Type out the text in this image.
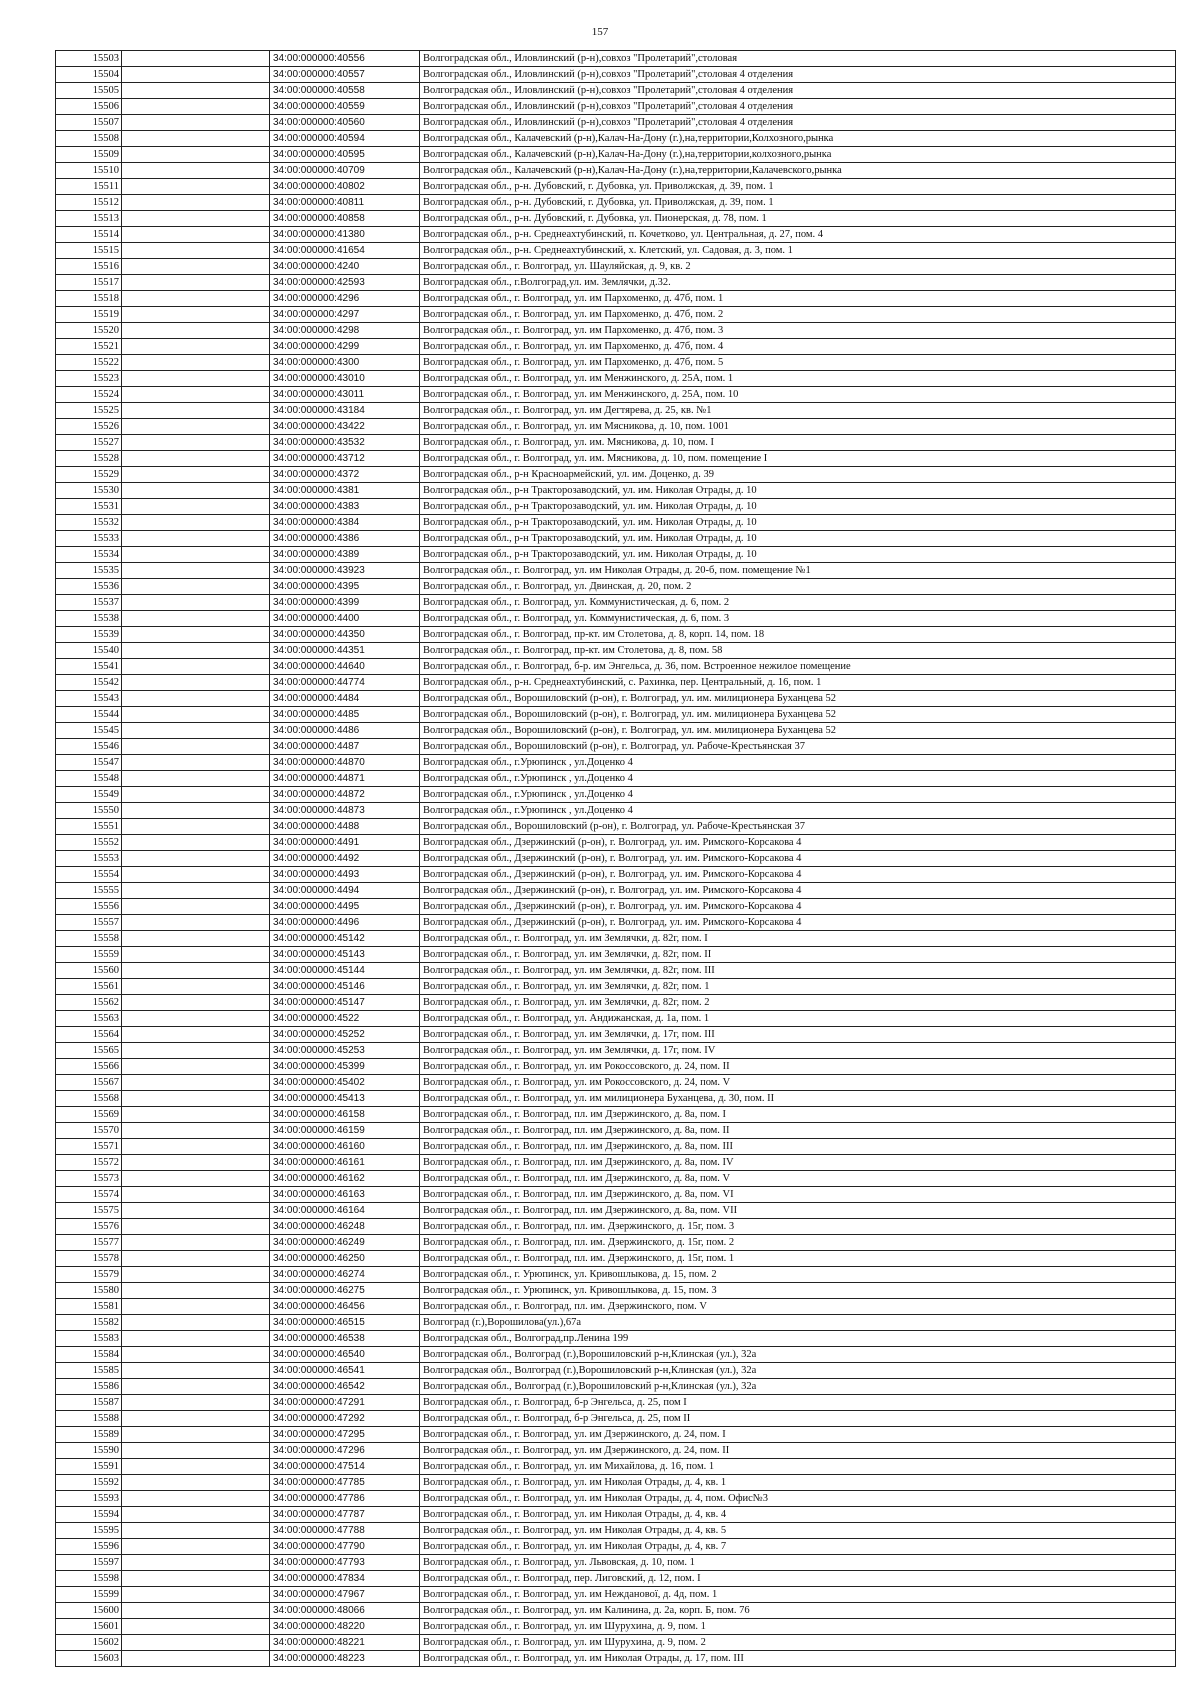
157
15503		34:00:000000:40556	Волгоградская обл., Иловлинский (р-н),совхоз "Пролетарий",столовая
15504		34:00:000000:40557	Волгоградская обл., Иловлинский (р-н),совхоз "Пролетарий",столовая 4 отделения
15505		34:00:000000:40558	Волгоградская обл., Иловлинский (р-н),совхоз "Пролетарий",столовая 4 отделения
15506		34:00:000000:40559	Волгоградская обл., Иловлинский (р-н),совхоз "Пролетарий",столовая 4 отделения
15507		34:00:000000:40560	Волгоградская обл., Иловлинский (р-н),совхоз "Пролетарий",столовая 4 отделения
15508		34:00:000000:40594	Волгоградская обл., Калачевский (р-н),Калач-На-Дону (г.),на,территории,Колхозного,рынка
15509		34:00:000000:40595	Волгоградская обл., Калачевский (р-н),Калач-На-Дону (г.),на,территории,колхозного,рынка
15510		34:00:000000:40709	Волгоградская обл., Калачевский (р-н),Калач-На-Дону (г.),на,территории,Калачевского,рынка
15511		34:00:000000:40802	Волгоградская обл., р-н. Дубовский, г. Дубовка, ул. Приволжская, д. 39, пом. 1
15512		34:00:000000:40811	Волгоградская обл., р-н. Дубовский, г. Дубовка, ул. Приволжская, д. 39, пом. 1
15513		34:00:000000:40858	Волгоградская обл., р-н. Дубовский, г. Дубовка, ул. Пионерская, д. 78, пом. 1
15514		34:00:000000:41380	Волгоградская обл., р-н. Среднеахтубинский, п. Кочетково, ул. Центральная, д. 27, пом. 4
15515		34:00:000000:41654	Волгоградская обл., р-н. Среднеахтубинский, х. Клетский, ул. Садовая, д. 3, пом. 1
15516		34:00:000000:4240	Волгоградская обл., г. Волгоград, ул. Шауляйская, д. 9, кв. 2
15517		34:00:000000:42593	Волгоградская обл., г.Волгоград,ул. им. Землячки, д.32.
15518		34:00:000000:4296	Волгоградская обл., г. Волгоград, ул. им Пархоменко, д. 47б, пом. 1
15519		34:00:000000:4297	Волгоградская обл., г. Волгоград, ул. им Пархоменко, д. 47б, пом. 2
15520		34:00:000000:4298	Волгоградская обл., г. Волгоград, ул. им Пархоменко, д. 47б, пом. 3
15521		34:00:000000:4299	Волгоградская обл., г. Волгоград, ул. им Пархоменко, д. 47б, пом. 4
15522		34:00:000000:4300	Волгоградская обл., г. Волгоград, ул. им Пархоменко, д. 47б, пом. 5
15523		34:00:000000:43010	Волгоградская обл., г. Волгоград, ул. им Менжинского, д. 25А, пом. 1
15524		34:00:000000:43011	Волгоградская обл., г. Волгоград, ул. им Менжинского, д. 25А, пом. 10
15525		34:00:000000:43184	Волгоградская обл., г. Волгоград, ул. им Дегтярева, д. 25, кв. №1
15526		34:00:000000:43422	Волгоградская обл., г. Волгоград, ул. им Мясникова, д. 10, пом. 1001
15527		34:00:000000:43532	Волгоградская обл., г. Волгоград, ул. им. Мясникова, д. 10, пом. I
15528		34:00:000000:43712	Волгоградская обл., г. Волгоград, ул. им. Мясникова, д. 10, пом. помещение I
15529		34:00:000000:4372	Волгоградская обл., р-н Красноармейский, ул. им. Доценко, д. 39
15530		34:00:000000:4381	Волгоградская обл., р-н Тракторозаводский, ул. им. Николая Отрады, д. 10
15531		34:00:000000:4383	Волгоградская обл., р-н Тракторозаводский, ул. им. Николая Отрады, д. 10
15532		34:00:000000:4384	Волгоградская обл., р-н Тракторозаводский, ул. им. Николая Отрады, д. 10
15533		34:00:000000:4386	Волгоградская обл., р-н Тракторозаводский, ул. им. Николая Отрады, д. 10
15534		34:00:000000:4389	Волгоградская обл., р-н Тракторозаводский, ул. им. Николая Отрады, д. 10
15535		34:00:000000:43923	Волгоградская обл., г. Волгоград, ул. им Николая Отрады, д. 20-б, пом. помещение №1
15536		34:00:000000:4395	Волгоградская обл., г. Волгоград, ул. Двинская, д. 20, пом. 2
15537		34:00:000000:4399	Волгоградская обл., г. Волгоград, ул. Коммунистическая, д. 6, пом. 2
15538		34:00:000000:4400	Волгоградская обл., г. Волгоград, ул. Коммунистическая, д. 6, пом. 3
15539		34:00:000000:44350	Волгоградская обл., г. Волгоград, пр-кт. им Столетова, д. 8, корп. 14, пом. 18
15540		34:00:000000:44351	Волгоградская обл., г. Волгоград, пр-кт. им Столетова, д. 8, пом. 58
15541		34:00:000000:44640	Волгоградская обл., г. Волгоград, б-р. им Энгельса, д. 36, пом. Встроенное нежилое помещение
15542		34:00:000000:44774	Волгоградская обл., р-н. Среднеахтубинский, с. Рахинка, пер. Центральный, д. 16, пом. 1
15543		34:00:000000:4484	Волгоградская обл., Ворошиловский (р-он), г. Волгоград, ул. им. милиционера Буханцева 52
15544		34:00:000000:4485	Волгоградская обл., Ворошиловский (р-он), г. Волгоград, ул. им. милиционера Буханцева 52
15545		34:00:000000:4486	Волгоградская обл., Ворошиловский (р-он), г. Волгоград, ул. им. милиционера Буханцева 52
15546		34:00:000000:4487	Волгоградская обл., Ворошиловский (р-он), г. Волгоград, ул. Рабоче-Крестьянская 37
15547		34:00:000000:44870	Волгоградская обл., г.Урюпинск , ул.Доценко 4
15548		34:00:000000:44871	Волгоградская обл., г.Урюпинск , ул.Доценко 4
15549		34:00:000000:44872	Волгоградская обл., г.Урюпинск , ул.Доценко 4
15550		34:00:000000:44873	Волгоградская обл., г.Урюпинск , ул.Доценко 4
15551		34:00:000000:4488	Волгоградская обл., Ворошиловский (р-он), г. Волгоград, ул. Рабоче-Крестьянская 37
15552		34:00:000000:4491	Волгоградская обл., Дзержинский (р-он), г. Волгоград, ул. им. Римского-Корсакова 4
15553		34:00:000000:4492	Волгоградская обл., Дзержинский (р-он), г. Волгоград, ул. им. Римского-Корсакова 4
15554		34:00:000000:4493	Волгоградская обл., Дзержинский (р-он), г. Волгоград, ул. им. Римского-Корсакова 4
15555		34:00:000000:4494	Волгоградская обл., Дзержинский (р-он), г. Волгоград, ул. им. Римского-Корсакова 4
15556		34:00:000000:4495	Волгоградская обл., Дзержинский (р-он), г. Волгоград, ул. им. Римского-Корсакова 4
15557		34:00:000000:4496	Волгоградская обл., Дзержинский (р-он), г. Волгоград, ул. им. Римского-Корсакова 4
15558		34:00:000000:45142	Волгоградская обл., г. Волгоград, ул. им Землячки, д. 82г, пом. I
15559		34:00:000000:45143	Волгоградская обл., г. Волгоград, ул. им Землячки, д. 82г, пом. II
15560		34:00:000000:45144	Волгоградская обл., г. Волгоград, ул. им Землячки, д. 82г, пом. III
15561		34:00:000000:45146	Волгоградская обл., г. Волгоград, ул. им Землячки, д. 82г, пом. 1
15562		34:00:000000:45147	Волгоградская обл., г. Волгоград, ул. им Землячки, д. 82г, пом. 2
15563		34:00:000000:4522	Волгоградская обл., г. Волгоград, ул. Андижанская, д. 1а, пом. 1
15564		34:00:000000:45252	Волгоградская обл., г. Волгоград, ул. им Землячки, д. 17г, пом. III
15565		34:00:000000:45253	Волгоградская обл., г. Волгоград, ул. им Землячки, д. 17г, пом. IV
15566		34:00:000000:45399	Волгоградская обл., г. Волгоград, ул. им Рокоссовского, д. 24, пом. II
15567		34:00:000000:45402	Волгоградская обл., г. Волгоград, ул. им Рокоссовского, д. 24, пом. V
15568		34:00:000000:45413	Волгоградская обл., г. Волгоград, ул. им милиционера Буханцева, д. 30, пом. II
15569		34:00:000000:46158	Волгоградская обл., г. Волгоград, пл. им Дзержинского, д. 8а, пом. I
15570		34:00:000000:46159	Волгоградская обл., г. Волгоград, пл. им Дзержинского, д. 8а, пом. II
15571		34:00:000000:46160	Волгоградская обл., г. Волгоград, пл. им Дзержинского, д. 8а, пом. III
15572		34:00:000000:46161	Волгоградская обл., г. Волгоград, пл. им Дзержинского, д. 8а, пом. IV
15573		34:00:000000:46162	Волгоградская обл., г. Волгоград, пл. им Дзержинского, д. 8а, пом. V
15574		34:00:000000:46163	Волгоградская обл., г. Волгоград, пл. им Дзержинского, д. 8а, пом. VI
15575		34:00:000000:46164	Волгоградская обл., г. Волгоград, пл. им Дзержинского, д. 8а, пом. VII
15576		34:00:000000:46248	Волгоградская обл., г. Волгоград, пл. им. Дзержинского, д. 15г, пом. 3
15577		34:00:000000:46249	Волгоградская обл., г. Волгоград, пл. им. Дзержинского, д. 15г, пом. 2
15578		34:00:000000:46250	Волгоградская обл., г. Волгоград, пл. им. Дзержинского, д. 15г, пом. 1
15579		34:00:000000:46274	Волгоградская обл., г. Урюпинск, ул. Кривошлыкова, д. 15, пом. 2
15580		34:00:000000:46275	Волгоградская обл., г. Урюпинск, ул. Кривошлыкова, д. 15, пом. 3
15581		34:00:000000:46456	Волгоградская обл., г. Волгоград, пл. им. Дзержинского, пом. V
15582		34:00:000000:46515	Волгоград (г.),Ворошилова(ул.),67а
15583		34:00:000000:46538	Волгоградская обл., Волгоград,пр.Ленина 199
15584		34:00:000000:46540	Волгоградская обл., Волгоград (г.),Ворошиловский р-н,Клинская (ул.), 32а
15585		34:00:000000:46541	Волгоградская обл., Волгоград (г.),Ворошиловский р-н,Клинская (ул.), 32а
15586		34:00:000000:46542	Волгоградская обл., Волгоград (г.),Ворошиловский р-н,Клинская (ул.), 32а
15587		34:00:000000:47291	Волгоградская обл., г. Волгоград, б-р Энгельса, д. 25, пом I
15588		34:00:000000:47292	Волгоградская обл., г. Волгоград, б-р Энгельса, д. 25, пом II
15589		34:00:000000:47295	Волгоградская обл., г. Волгоград, ул. им Дзержинского, д. 24, пом. I
15590		34:00:000000:47296	Волгоградская обл., г. Волгоград, ул. им Дзержинского, д. 24, пом. II
15591		34:00:000000:47514	Волгоградская обл., г. Волгоград, ул. им Михайлова, д. 16, пом. 1
15592		34:00:000000:47785	Волгоградская обл., г. Волгоград, ул. им Николая Отрады, д. 4, кв. 1
15593		34:00:000000:47786	Волгоградская обл., г. Волгоград, ул. им Николая Отрады, д. 4, пом. Офис№3
15594		34:00:000000:47787	Волгоградская обл., г. Волгоград, ул. им Николая Отрады, д. 4, кв. 4
15595		34:00:000000:47788	Волгоградская обл., г. Волгоград, ул. им Николая Отрады, д. 4, кв. 5
15596		34:00:000000:47790	Волгоградская обл., г. Волгоград, ул. им Николая Отрады, д. 4, кв. 7
15597		34:00:000000:47793	Волгоградская обл., г. Волгоград, ул. Львовская, д. 10, пом. 1
15598		34:00:000000:47834	Волгоградская обл., г. Волгоград, пер. Лиговский, д. 12, пом. I
15599		34:00:000000:47967	Волгоградская обл., г. Волгоград, ул. им Нежданової, д. 4д, пом. 1
15600		34:00:000000:48066	Волгоградская обл., г. Волгоград, ул. им Калинина, д. 2а, корп. Б, пом. 76
15601		34:00:000000:48220	Волгоградская обл., г. Волгоград, ул. им Шурухина, д. 9, пом. 1
15602		34:00:000000:48221	Волгоградская обл., г. Волгоград, ул. им Шурухина, д. 9, пом. 2
15603		34:00:000000:48223	Волгоградская обл., г. Волгоград, ул. им Николая Отрады, д. 17, пом. III
